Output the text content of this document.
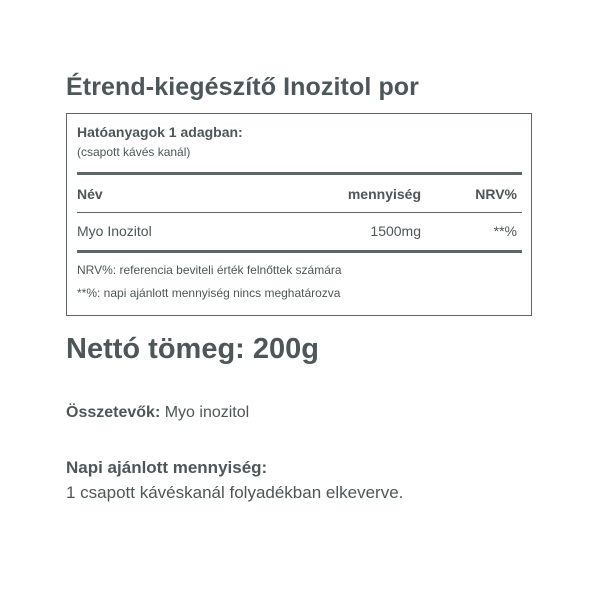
Étrend-kiegészítő Inozitol por

Hatóanyagok 1 adagban:

(csapott kávés kanál)

Név	mennyiség	NRV%
Myo Inozitol	1500mg	**%
NRV%: referencia beviteli érték felnőttek számára
**%: napi ajánlott mennyiség nincs meghatározva

Nettó tömeg: 200g

Összetevők: Myo inozitol

Napi ajánlott mennyiség:

1 csapott kávéskanál folyadékban elkeverve.
